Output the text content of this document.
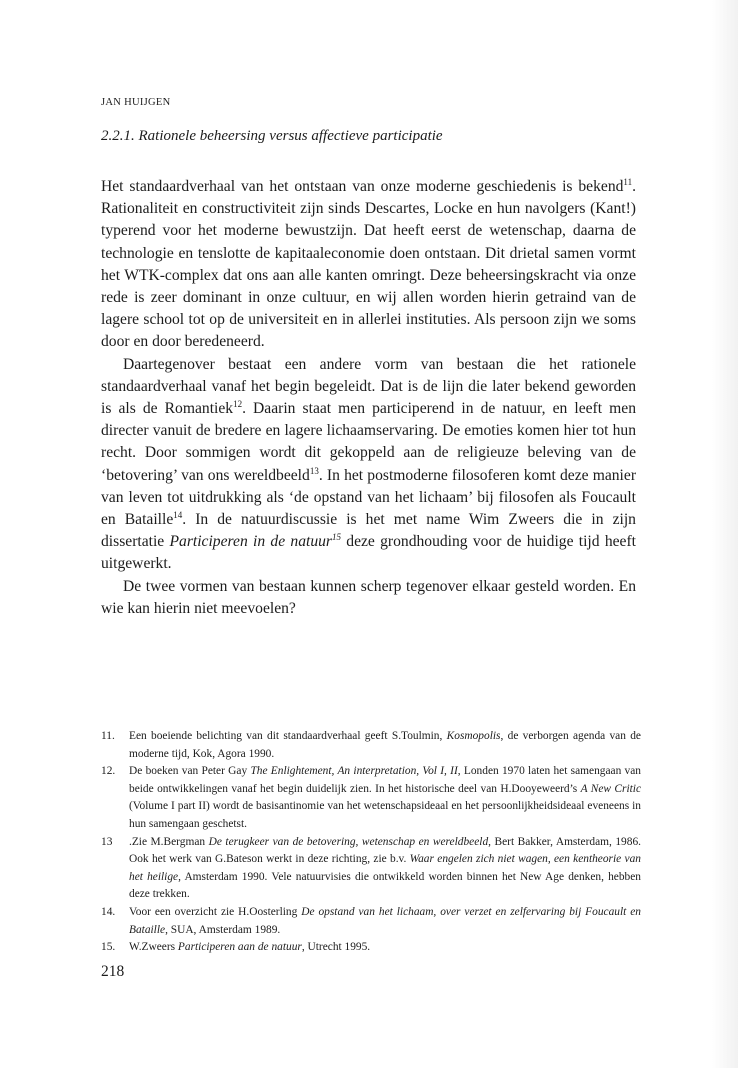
JAN HUIJGEN
2.2.1. Rationele beheersing versus affectieve participatie

Het standaardverhaal van het ontstaan van onze moderne geschiedenis is bekend$^{11}$. Rationaliteit en constructiviteit zijn sinds Descartes, Locke en hun navolgers (Kant!) typerend voor het moderne bewustzijn. Dat heeft eerst de wetenschap, daarna de technologie en tenslotte de kapitaaleconomie doen ontstaan. Dit drietal samen vormt het WTK-complex dat ons aan alle kanten omringt. Deze beheersingskracht via onze rede is zeer dominant in onze cultuur, en wij allen worden hierin getraind van de lagere school tot op de universiteit en in allerlei instituties. Als persoon zijn we soms door en door beredeneerd.

Daartegenover bestaat een andere vorm van bestaan die het rationele standaardverhaal vanaf het begin begeleidt. Dat is de lijn die later bekend geworden is als de Romantiek$^{12}$. Daarin staat men participerend in de natuur, en leeft men directer vanuit de bredere en lagere lichaamservaring. De emoties komen hier tot hun recht. Door sommigen wordt dit gekoppeld aan de religieuze beleving van de ‘betovering’ van ons wereldbeeld$^{13}$. In het postmoderne filosoferen komt deze manier van leven tot uitdrukking als ‘de opstand van het lichaam’ bij filosofen als Foucault en Bataille$^{14}$. In de natuurdiscussie is het met name Wim Zweers die in zijn dissertatie Participeren in de natuur$^{15}$ deze grondhouding voor de huidige tijd heeft uitgewerkt.

De twee vormen van bestaan kunnen scherp tegenover elkaar gesteld worden. En wie kan hierin niet meevoelen?

11. Een boeiende belichting van dit standaardverhaal geeft S.Toulmin, Kosmopolis, de verborgen agenda van de moderne tijd, Kok, Agora 1990.
12. De boeken van Peter Gay The Enlightement, An interpretation, Vol I, II, Londen 1970 laten het samengaan van beide ontwikkelingen vanaf het begin duidelijk zien. In het historische deel van H.Dooyeweerd’s A New Critic (Volume I part II) wordt de basisantinomie van het wetenschapsideaal en het persoonlijkheidsideaal eveneens in hun samengaan geschetst.
13 .Zie M.Bergman De terugkeer van de betovering, wetenschap en wereldbeeld, Bert Bakker, Amsterdam, 1986. Ook het werk van G.Bateson werkt in deze richting, zie b.v. Waar engelen zich niet wagen, een kentheorie van het heilige, Amsterdam 1990. Vele natuurvisies die ontwikkeld worden binnen het New Age denken, hebben deze trekken.
14. Voor een overzicht zie H.Oosterling De opstand van het lichaam, over verzet en zelfervaring bij Foucault en Bataille, SUA, Amsterdam 1989.
15. W.Zweers Participeren aan de natuur, Utrecht 1995.
218
